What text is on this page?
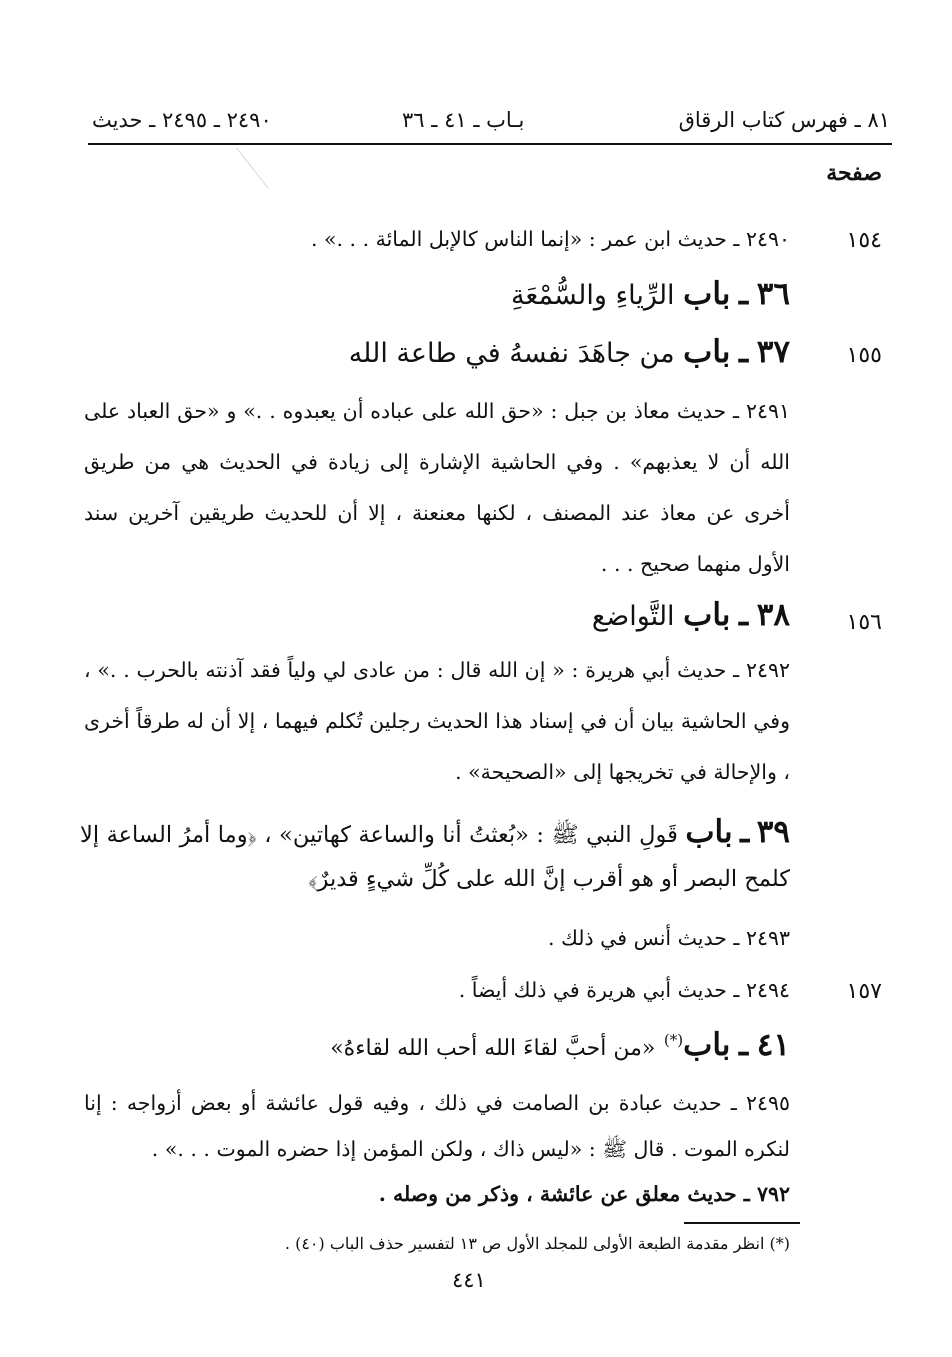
٨١ ـ فهرس كتاب الرقاق
بـاب ـ ٤١ ـ ٣٦
٢٤٩٠ ـ ٢٤٩٥ ـ حديث
صفحة
١٥٤
٢٤٩٠ ـ حديث ابن عمر : «إنما الناس كالإبل المائة . . .» .
٣٦ ـ باب الرِّياءِ والسُّمْعَةِ
١٥٥
٣٧ ـ باب من جاهَدَ نفسهُ في طاعة الله
٢٤٩١ ـ حديث معاذ بن جبل : «حق الله على عباده أن يعبدوه . .» و «حق العباد على الله أن لا يعذبهم» . وفي الحاشية الإشارة إلى زيادة في الحديث هي من طريق أخرى عن معاذ عند المصنف ، لكنها معنعنة ، إلا أن للحديث طريقين آخرين سند الأول منهما صحيح . . .
١٥٦
٣٨ ـ باب التَّواضع
٢٤٩٢ ـ حديث أبي هريرة : « إن الله قال : من عادى لي ولياً فقد آذنته بالحرب . .» ، وفي الحاشية بيان أن في إسناد هذا الحديث رجلين تُكلم فيهما ، إلا أن له طرقاً أخرى ، والإحالة في تخريجها إلى «الصحيحة» .
٣٩ ـ باب قَولِ النبي ﷺ : «بُعثتُ أنا والساعة كهاتين» ، ﴿وما أمرُ الساعة إلا كلمح البصر أو هو أقرب إنَّ الله على كُلِّ شيءٍ قديرٌ﴾
٢٤٩٣ ـ حديث أنس في ذلك .
١٥٧
٢٤٩٤ ـ حديث أبي هريرة في ذلك أيضاً .
٤١ ـ باب(*) «من أحبَّ لقاءَ الله أحب الله لقاءهُ»
٢٤٩٥ ـ حديث عبادة بن الصامت في ذلك ، وفيه قول عائشة أو بعض أزواجه : إنا لنكره الموت . قال ﷺ : «ليس ذاك ، ولكن المؤمن إذا حضره الموت . . .» .
٧٩٢ ـ حديث معلق عن عائشة ، وذكر من وصله .
(*) انظر مقدمة الطبعة الأولى للمجلد الأول ص ١٣ لتفسير حذف الباب (٤٠) .
٤٤١
